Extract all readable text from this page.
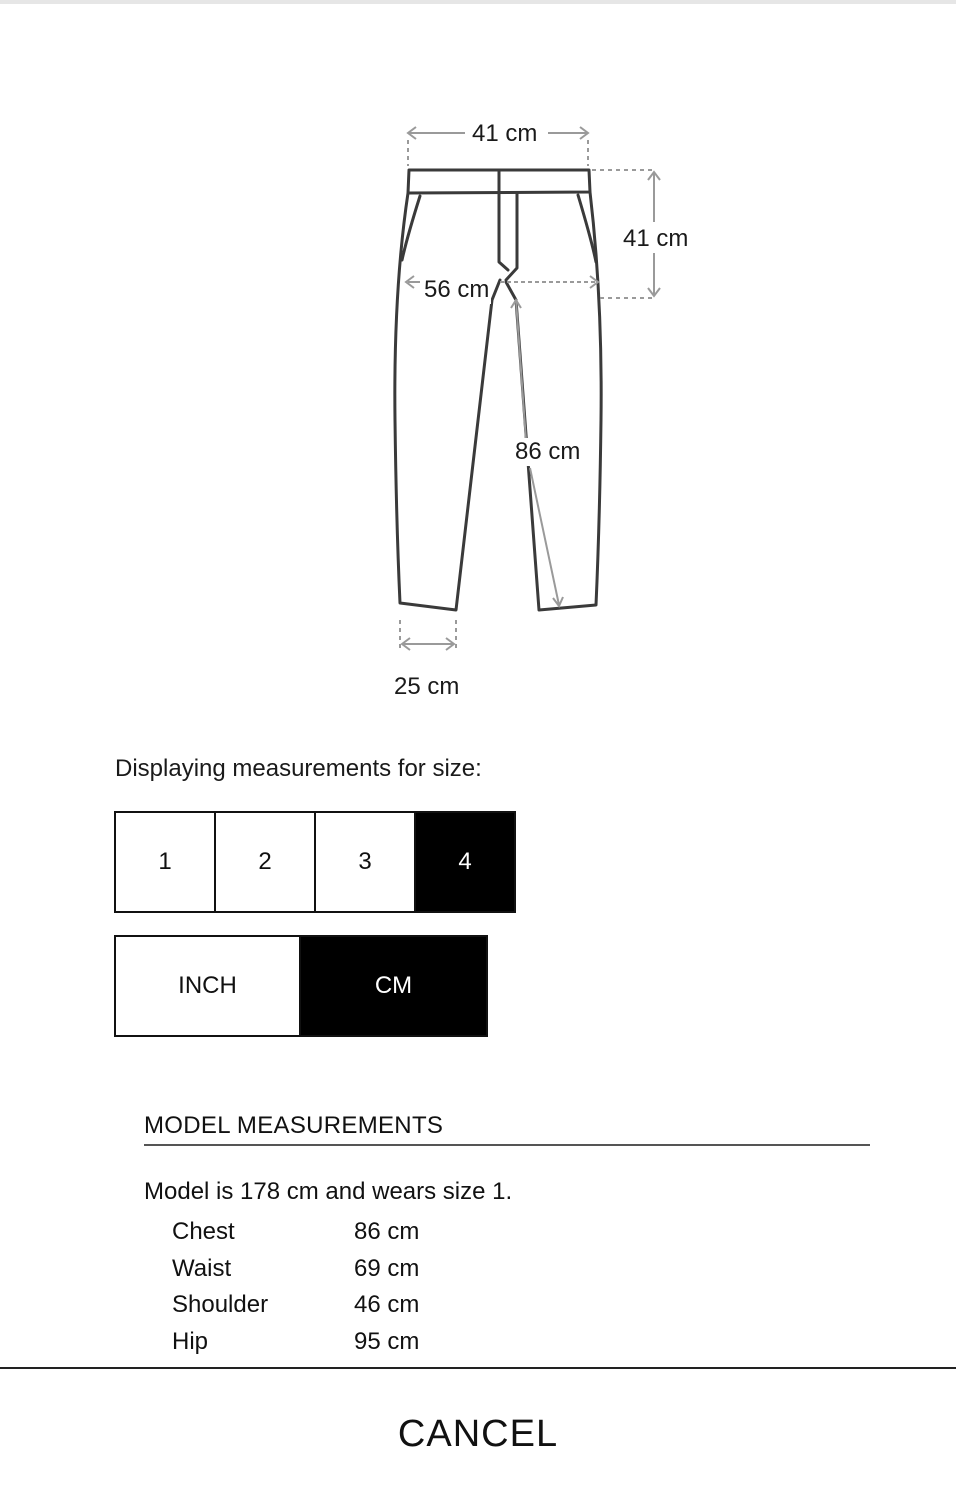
41 cm
41 cm
56 cm
86 cm
25 cm
Displaying measurements for size:
1	2	3	4
INCH	CM
MODEL MEASUREMENTS
Model is 178 cm and wears size 1.
Chest	86 cm
Waist	69 cm
Shoulder	46 cm
Hip	95 cm
CANCEL
